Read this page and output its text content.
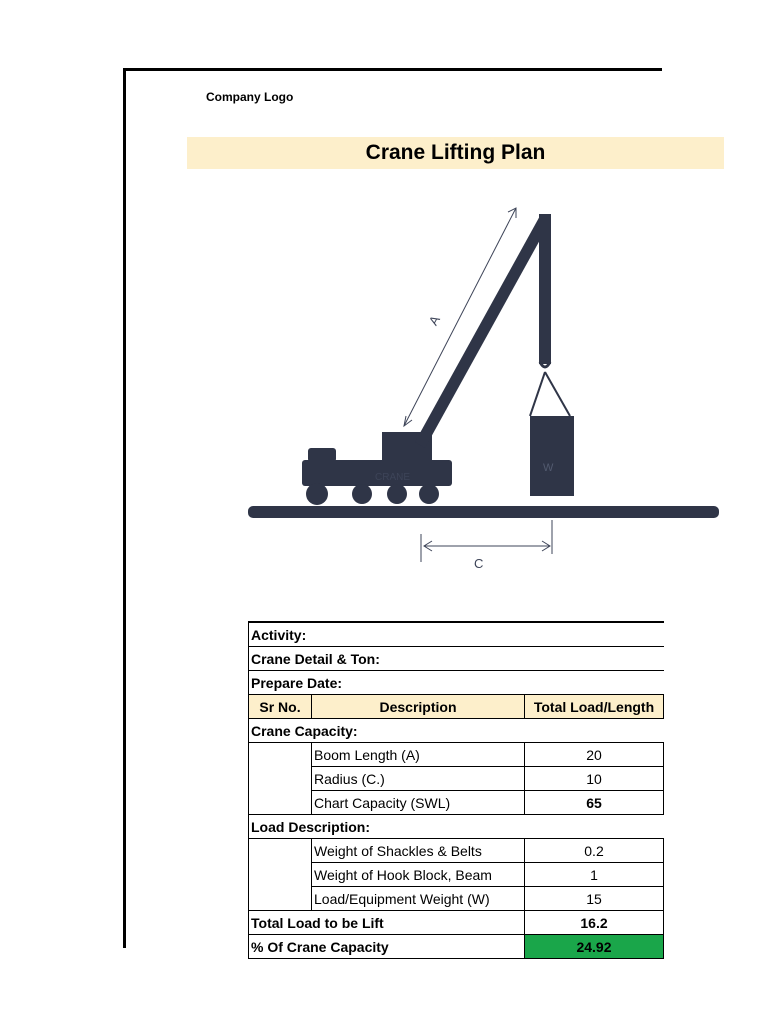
Company Logo
Crane Lifting Plan
CRANE
W
A
C
Activity:		
Crane Detail & Ton:		
Prepare Date:		
Sr No.	Description	Total Load/Length
Crane Capacity:		
	Boom Length (A)	20
	Radius (C.)	10
	Chart Capacity (SWL)	65
Load Description:		
	Weight of Shackles & Belts	0.2
	Weight of Hook Block, Beam	1
	Load/Equipment Weight (W)	15
Total Load to be Lift		16.2
% Of Crane Capacity		24.92
